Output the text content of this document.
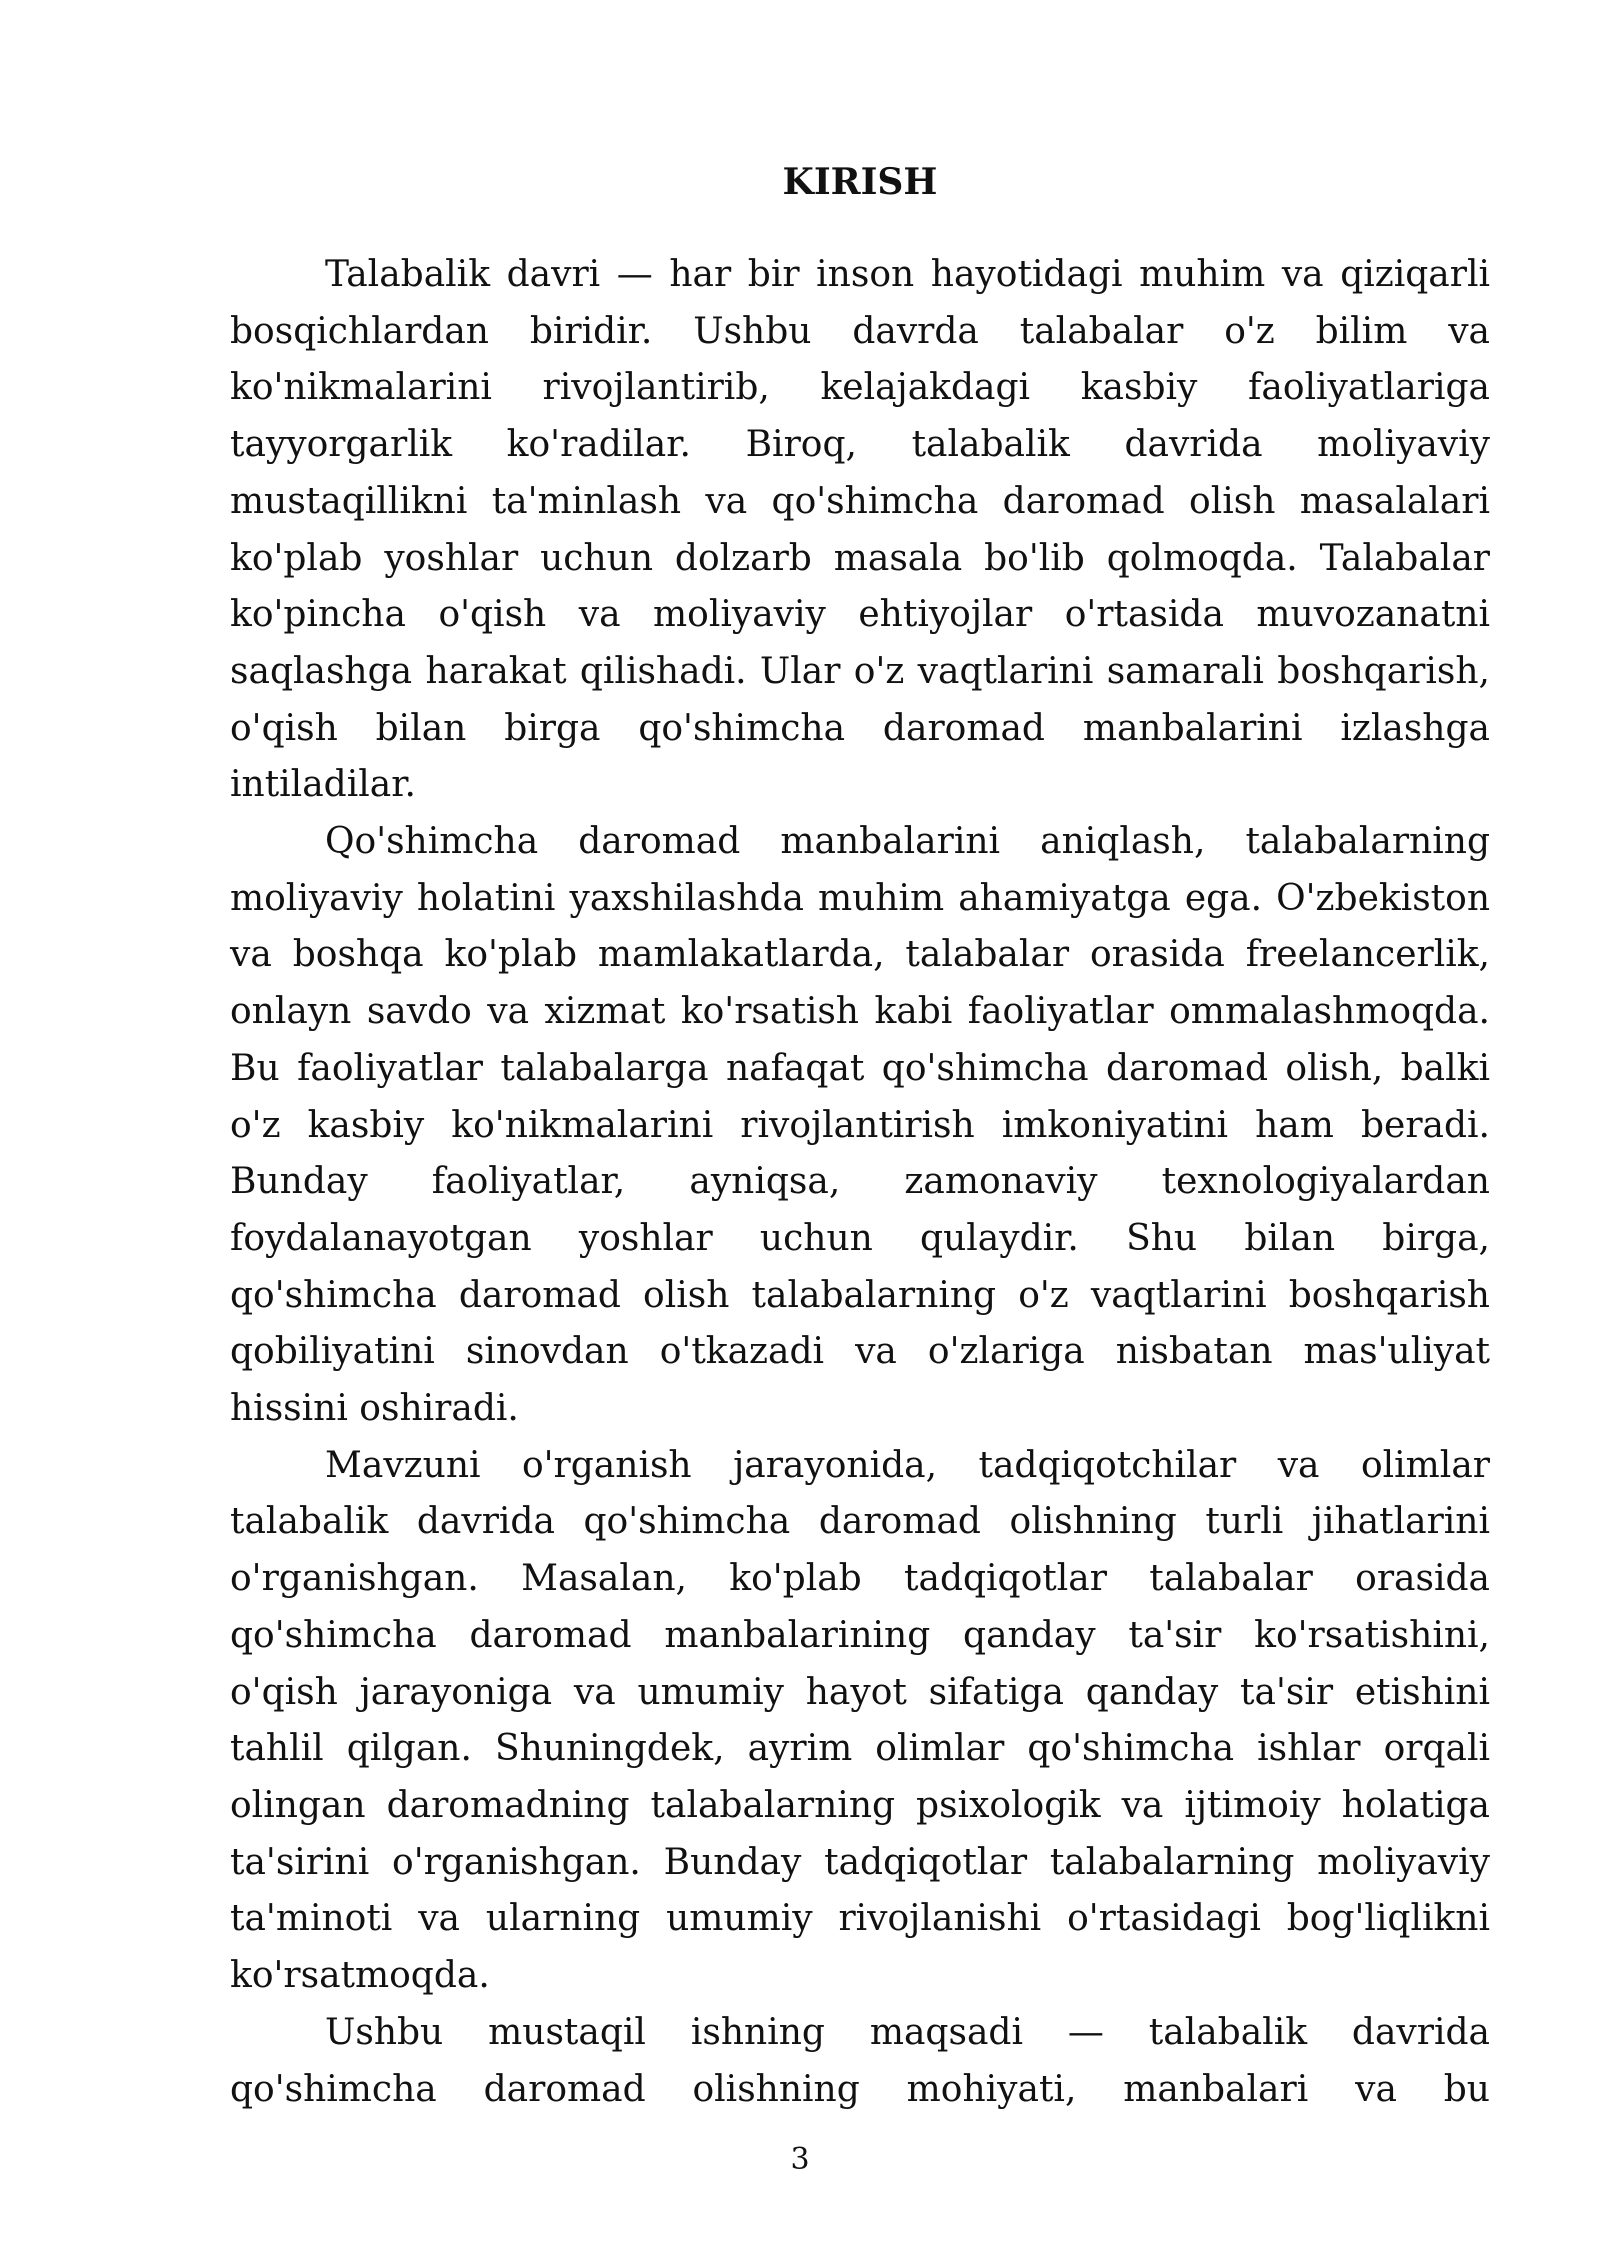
KIRISH

Talabalik davri — har bir inson hayotidagi muhim va qiziqarli bosqichlardan biridir. Ushbu davrda talabalar o'z bilim va ko'nikmalarini rivojlantirib, kelajakdagi kasbiy faoliyatlariga tayyorgarlik ko'radilar. Biroq, talabalik davrida moliyaviy mustaqillikni ta'minlash va qo'shimcha daromad olish masalalari ko'plab yoshlar uchun dolzarb masala bo'lib qolmoqda. Talabalar ko'pincha o'qish va moliyaviy ehtiyojlar o'rtasida muvozanatni saqlashga harakat qilishadi. Ular o'z vaqtlarini samarali boshqarish, o'qish bilan birga qo'shimcha daromad manbalarini izlashga intiladilar.

Qo'shimcha daromad manbalarini aniqlash, talabalarning moliyaviy holatini yaxshilashda muhim ahamiyatga ega. O'zbekiston va boshqa ko'plab mamlakatlarda, talabalar orasida freelancerlik, onlayn savdo va xizmat ko'rsatish kabi faoliyatlar ommalashmoqda. Bu faoliyatlar talabalarga nafaqat qo'shimcha daromad olish, balki o'z kasbiy ko'nikmalarini rivojlantirish imkoniyatini ham beradi. Bunday faoliyatlar, ayniqsa, zamonaviy texnologiyalardan foydalanayotgan yoshlar uchun qulaydir. Shu bilan birga, qo'shimcha daromad olish talabalarning o'z vaqtlarini boshqarish qobiliyatini sinovdan o'tkazadi va o'zlariga nisbatan mas'uliyat hissini oshiradi.

Mavzuni o'rganish jarayonida, tadqiqotchilar va olimlar talabalik davrida qo'shimcha daromad olishning turli jihatlarini o'rganishgan. Masalan, ko'plab tadqiqotlar talabalar orasida qo'shimcha daromad manbalarining qanday ta'sir ko'rsatishini, o'qish jarayoniga va umumiy hayot sifatiga qanday ta'sir etishini tahlil qilgan. Shuningdek, ayrim olimlar qo'shimcha ishlar orqali olingan daromadning talabalarning psixologik va ijtimoiy holatiga ta'sirini o'rganishgan. Bunday tadqiqotlar talabalarning moliyaviy ta'minoti va ularning umumiy rivojlanishi o'rtasidagi bog'liqlikni ko'rsatmoqda.

Ushbu mustaqil ishning maqsadi — talabalik davrida qo'shimcha daromad olishning mohiyati, manbalari va bu

3
